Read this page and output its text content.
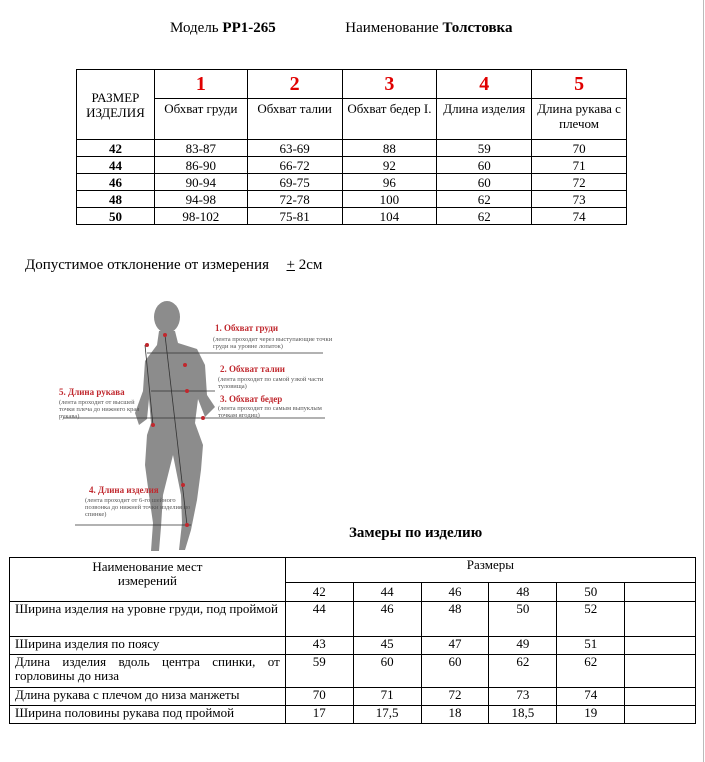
Модель РР1-265	Наименование Толстовка
РАЗМЕР ИЗДЕЛИЯ	1	2	3	4	5
	Обхват груди	Обхват талии	Обхват бедер I.	Длина изделия	Длина рукава с плечом
42	83-87	63-69	88	59	70
44	86-90	66-72	92	60	71
46	90-94	69-75	96	60	72
48	94-98	72-78	100	62	73
50	98-102	75-81	104	62	74
Допустимое отклонение от измерения + 2см
1. Обхват груди
(лента проходит через выступающие точки груди на уровне лопаток)
2. Обхват талии
(лента проходит по самой узкой части туловища)
3. Обхват бедер
(лента проходит по самым выпуклым точкам ягодиц)
4. Длина изделия
(лента проходит от 6-го шейного позвонка до нижней точки изделия по спинке)
5. Длина рукава
(лента проходит от высшей точки плеча до нижнего края рукава)
Замеры по изделию
Наименование мест измерений	Размеры					
	42	44	46	48	50	
Ширина изделия на уровне груди, под проймой	44	46	48	50	52	
Ширина изделия по поясу	43	45	47	49	51	
Длина изделия вдоль центра спинки, от горловины до низа	59	60	60	62	62	
Длина рукава с плечом до низа манжеты	70	71	72	73	74	
Ширина половины рукава под проймой	17	17,5	18	18,5	19	
